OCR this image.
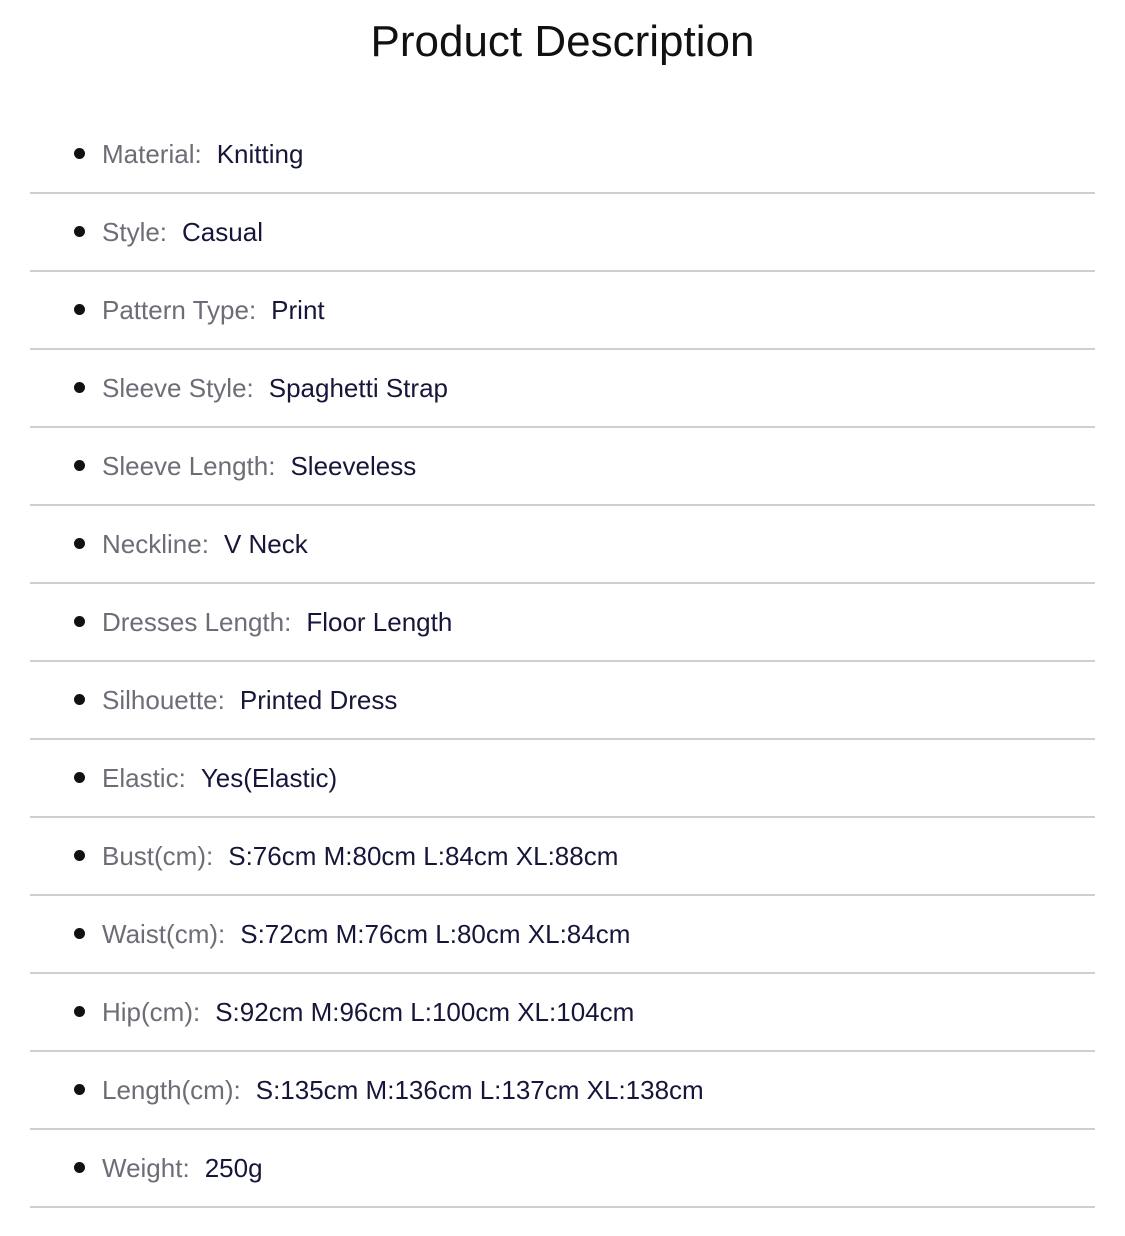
Product Description
Material: Knitting
Style: Casual
Pattern Type: Print
Sleeve Style: Spaghetti Strap
Sleeve Length: Sleeveless
Neckline: V Neck
Dresses Length: Floor Length
Silhouette: Printed Dress
Elastic: Yes(Elastic)
Bust(cm): S:76cm M:80cm L:84cm XL:88cm
Waist(cm): S:72cm M:76cm L:80cm XL:84cm
Hip(cm): S:92cm M:96cm L:100cm XL:104cm
Length(cm): S:135cm M:136cm L:137cm XL:138cm
Weight: 250g
